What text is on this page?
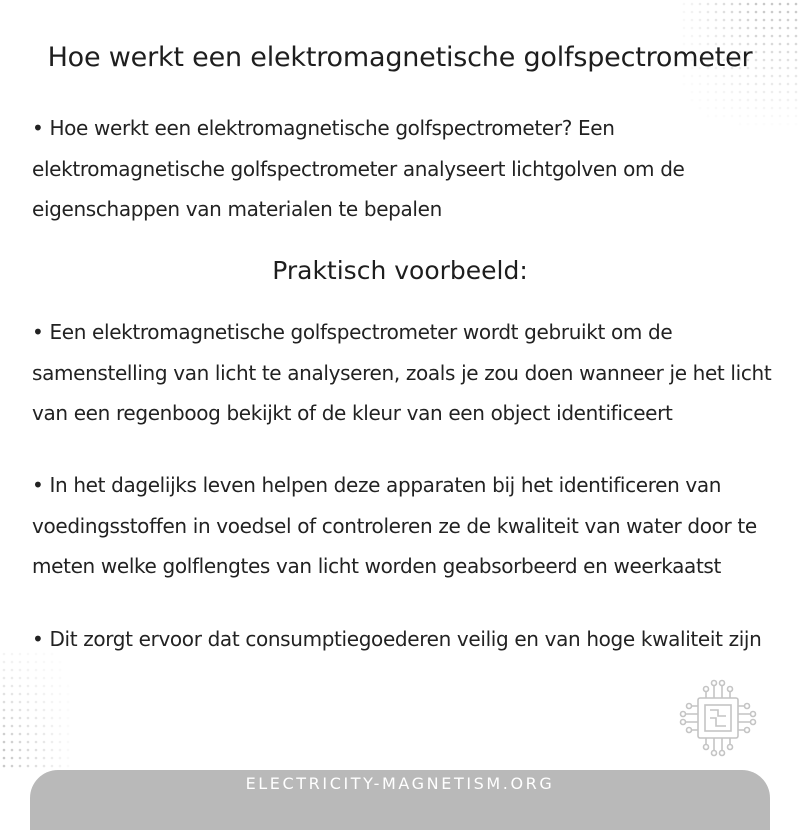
Hoe werkt een elektromagnetische golfspectrometer

• Hoe werkt een elektromagnetische golfspectrometer? Een elektromagnetische golfspectrometer analyseert lichtgolven om de eigenschappen van materialen te bepalen

Praktisch voorbeeld:

• Een elektromagnetische golfspectrometer wordt gebruikt om de samenstelling van licht te analyseren, zoals je zou doen wanneer je het licht van een regenboog bekijkt of de kleur van een object identificeert

• In het dagelijks leven helpen deze apparaten bij het identificeren van voedingsstoffen in voedsel of controleren ze de kwaliteit van water door te meten welke golflengtes van licht worden geabsorbeerd en weerkaatst

• Dit zorgt ervoor dat consumptiegoederen veilig en van hoge kwaliteit zijn

ELECTRICITY-MAGNETISM.ORG
